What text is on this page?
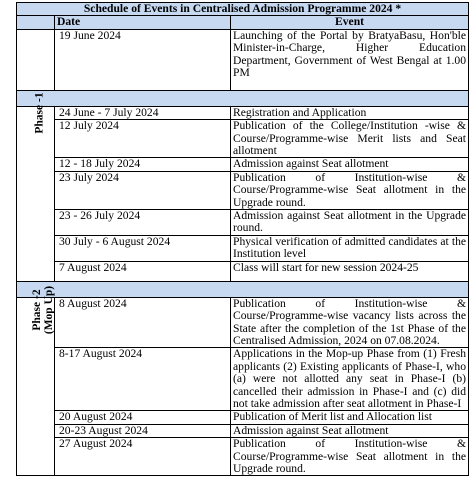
Schedule of Events in Centralised Admission Programme 2024 *		
	Date	Event
	19 June 2024	Launching of the Portal by BratyaBasu, Hon'ble Minister-in-Charge, Higher Education Department, Government of West Bengal at 1.00 PM

Phase -1	24 June - 7 July 2024	Registration and Application
	12 July 2024	Publication of the College/Institution -wise & Course/Programme-wise Merit lists and Seat allotment
	12 - 18 July 2024	Admission against Seat allotment
	23 July 2024	Publication of Institution-wise & Course/Programme-wise Seat allotment in the Upgrade round.
	23 - 26 July 2024	Admission against Seat allotment in the Upgrade round.
	30 July - 6 August 2024	Physical verification of admitted candidates at the Institution level
	7 August 2024	Class will start for new session 2024-25

Phase -2
(Mop Up)	8 August 2024	Publication of Institution-wise & Course/Programme-wise vacancy lists across the State after the completion of the 1st Phase of the Centralised Admission, 2024 on 07.08.2024.
	8-17 August 2024	Applications in the Mop-up Phase from (1) Fresh applicants (2) Existing applicants of Phase-I, who (a) were not allotted any seat in Phase-I (b) cancelled their admission in Phase-I and (c) did not take admission after seat allotment in Phase-I
	20 August 2024	Publication of Merit list and Allocation list
	20-23 August 2024	Admission against Seat allotment
	27 August 2024	Publication of Institution-wise & Course/Programme-wise Seat allotment in the Upgrade round.
